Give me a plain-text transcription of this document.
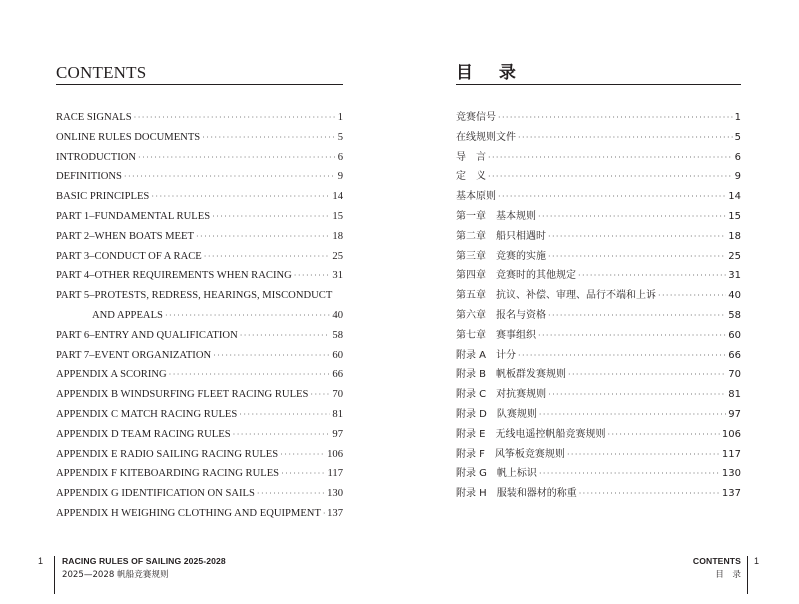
CONTENTS
RACE SIGNALS ·····	1
ONLINE RULES DOCUMENTS ·····	5
INTRODUCTION ·····	6
DEFINITIONS ·····	9
BASIC PRINCIPLES ·····	14
PART 1–FUNDAMENTAL RULES ·····	15
PART 2–WHEN BOATS MEET ·····	18
PART 3–CONDUCT OF A RACE ·····	25
PART 4–OTHER REQUIREMENTS WHEN RACING ·····	31
PART 5–PROTESTS, REDRESS, HEARINGS, MISCONDUCT
AND APPEALS ·····	40
PART 6–ENTRY AND QUALIFICATION ·····	58
PART 7–EVENT ORGANIZATION ·····	60
APPENDIX A SCORING ·····	66
APPENDIX B WINDSURFING FLEET RACING RULES ····· 70
APPENDIX C MATCH RACING RULES ·····	81
APPENDIX D TEAM RACING RULES ·····	97
APPENDIX E RADIO SAILING RACING RULES ·····	106
APPENDIX F KITEBOARDING RACING RULES ·····	117
APPENDIX G IDENTIFICATION ON SAILS ·····	130
APPENDIX H WEIGHING CLOTHING AND EQUIPMENT ····· 137
目 录
竞赛信号 ·····	1
在线规则文件 ·····	5
导　言 ·····	6
定　义 ·····	9
基本原则 ·····	14
第一章　基本规则 ·····	15
第二章　船只相遇时 ·····	18
第三章　竞赛的实施 ·····	25
第四章　竞赛时的其他规定 ·····	31
第五章　抗议、补偿、审理、品行不端和上诉 ·····	40
第六章　报名与资格 ·····	58
第七章　赛事组织 ·····	60
附录 A　计分 ·····	66
附录 B　帆板群发赛规则 ·····	70
附录 C　对抗赛规则 ·····	81
附录 D　队赛规则 ·····	97
附录 E　无线电遥控帆船竞赛规则 ·····	106
附录 F　风筝板竞赛规则 ·····	117
附录 G　帆上标识 ·····	130
附录 H　服装和器材的称重 ·····	137
1 RACING RULES OF SAILING 2025-2028
2025—2028 帆船竞赛规则
CONTENTS
目　录
1
